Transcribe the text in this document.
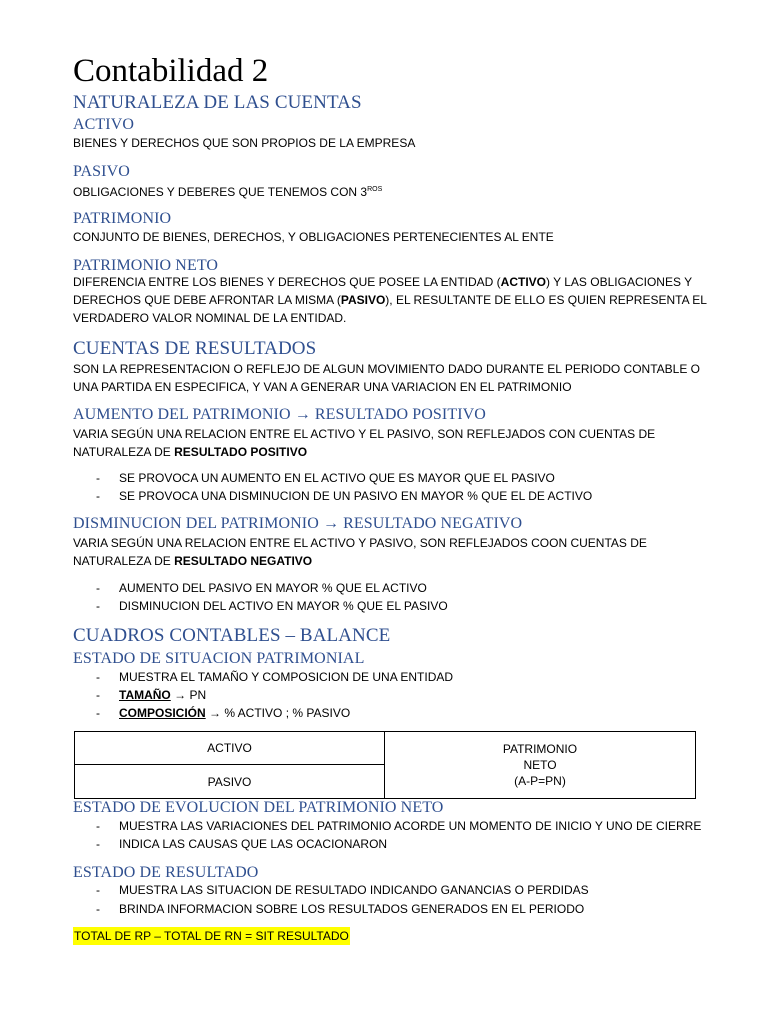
Contabilidad 2
NATURALEZA DE LAS CUENTAS
ACTIVO
BIENES Y DERECHOS QUE SON PROPIOS DE LA EMPRESA
PASIVO
OBLIGACIONES Y DEBERES QUE TENEMOS CON $3^{ROS}$
PATRIMONIO
CONJUNTO DE BIENES, DERECHOS, Y OBLIGACIONES PERTENECIENTES AL ENTE
PATRIMONIO NETO
DIFERENCIA ENTRE LOS BIENES Y DERECHOS QUE POSEE LA ENTIDAD (ACTIVO) Y LAS OBLIGACIONES Y
DERECHOS QUE DEBE AFRONTAR LA MISMA (PASIVO), EL RESULTANTE DE ELLO ES QUIEN REPRESENTA EL
VERDADERO VALOR NOMINAL DE LA ENTIDAD.
CUENTAS DE RESULTADOS
SON LA REPRESENTACION O REFLEJO DE ALGUN MOVIMIENTO DADO DURANTE EL PERIODO CONTABLE O
UNA PARTIDA EN ESPECIFICA, Y VAN A GENERAR UNA VARIACION EN EL PATRIMONIO
AUMENTO DEL PATRIMONIO → RESULTADO POSITIVO
VARIA SEGÚN UNA RELACION ENTRE EL ACTIVO Y EL PASIVO, SON REFLEJADOS CON CUENTAS DE
NATURALEZA DE RESULTADO POSITIVO
- SE PROVOCA UN AUMENTO EN EL ACTIVO QUE ES MAYOR QUE EL PASIVO
- SE PROVOCA UNA DISMINUCION DE UN PASIVO EN MAYOR % QUE EL DE ACTIVO
DISMINUCION DEL PATRIMONIO → RESULTADO NEGATIVO
VARIA SEGÚN UNA RELACION ENTRE EL ACTIVO Y PASIVO, SON REFLEJADOS COON CUENTAS DE
NATURALEZA DE RESULTADO NEGATIVO
- AUMENTO DEL PASIVO EN MAYOR % QUE EL ACTIVO
- DISMINUCION DEL ACTIVO EN MAYOR % QUE EL PASIVO
CUADROS CONTABLES – BALANCE
ESTADO DE SITUACION PATRIMONIAL
- MUESTRA EL TAMAÑO Y COMPOSICION DE UNA ENTIDAD
- TAMAÑO → PN
- COMPOSICIÓN → % ACTIVO ; % PASIVO
ACTIVO	PATRIMONIO
NETO
(A-P=PN)

PASIVO
ESTADO DE EVOLUCION DEL PATRIMONIO NETO
- MUESTRA LAS VARIACIONES DEL PATRIMONIO ACORDE UN MOMENTO DE INICIO Y UNO DE CIERRE
- INDICA LAS CAUSAS QUE LAS OCACIONARON
ESTADO DE RESULTADO
- MUESTRA LAS SITUACION DE RESULTADO INDICANDO GANANCIAS O PERDIDAS
- BRINDA INFORMACION SOBRE LOS RESULTADOS GENERADOS EN EL PERIODO
TOTAL DE RP – TOTAL DE RN = SIT RESULTADO
